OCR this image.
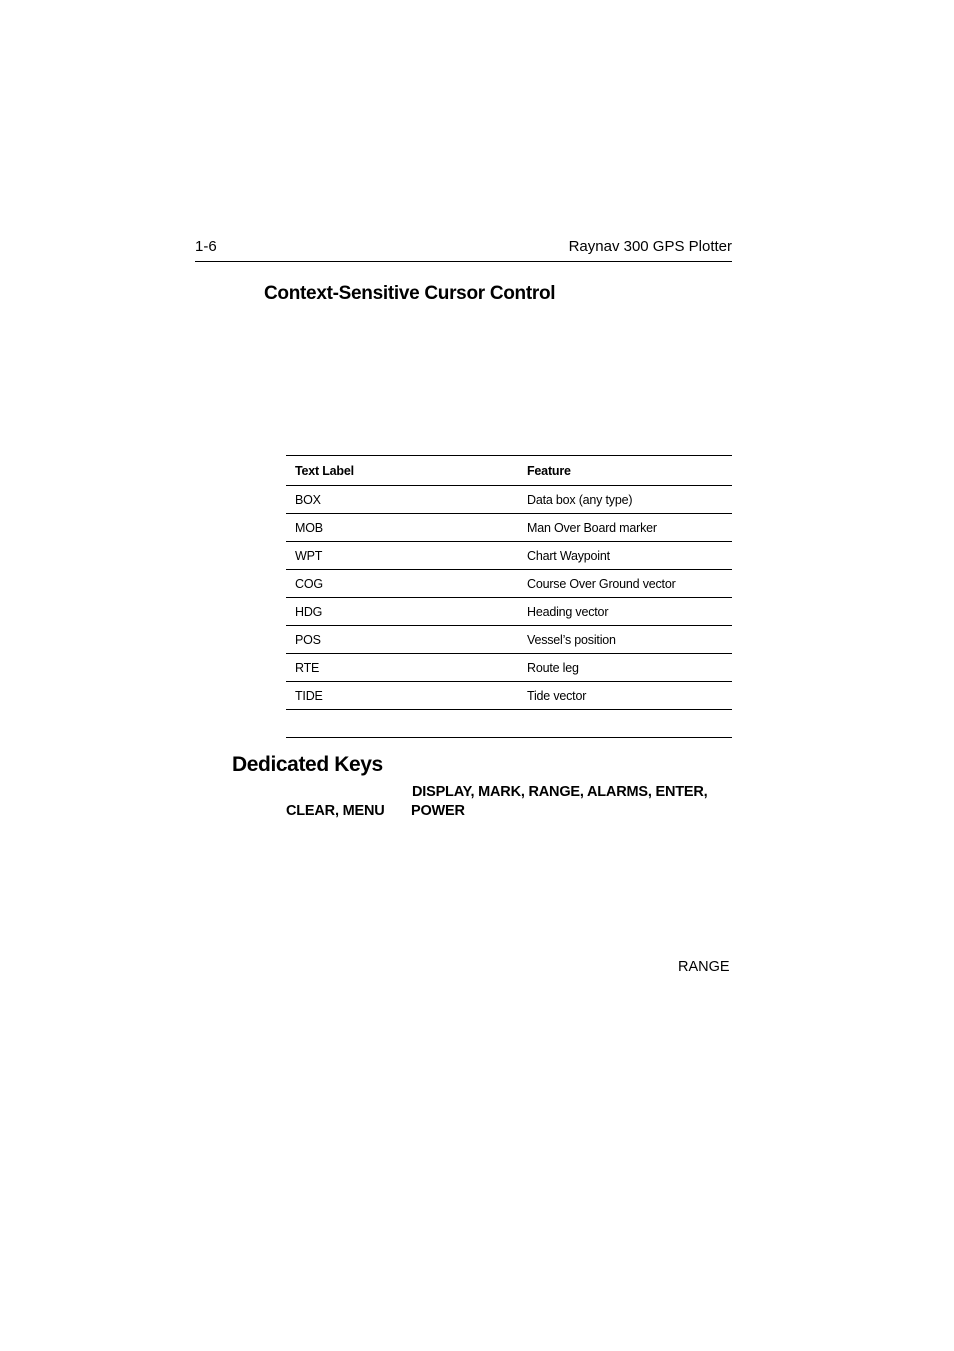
1-6	Raynav 300 GPS Plotter
Context-Sensitive Cursor Control
Text Label	Feature
BOX	Data box (any type)
MOB	Man Over Board marker
WPT	Chart Waypoint
COG	Course Over Ground vector
HDG	Heading vector
POS	Vessel’s position
RTE	Route leg
TIDE	Tide vector
Dedicated Keys
DISPLAY, MARK, RANGE, ALARMS, ENTER,
CLEAR, MENU POWER
RANGE
